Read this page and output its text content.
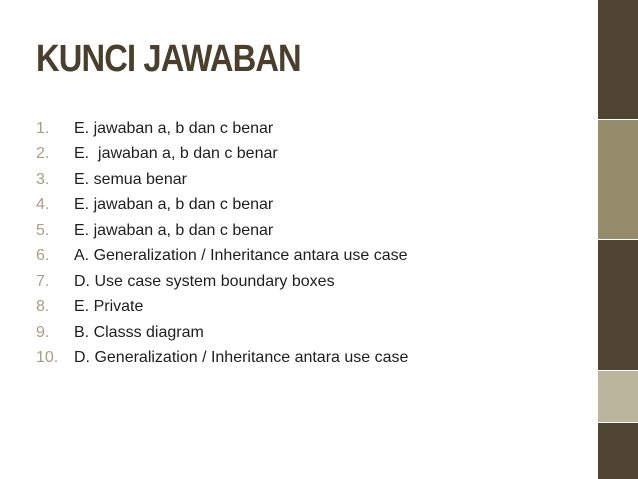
KUNCI JAWABAN
1.	E. jawaban a, b dan c benar
2.	E.  jawaban a, b dan c benar
3.	E. semua benar
4.	E. jawaban a, b dan c benar
5.	E. jawaban a, b dan c benar
6.	A. Generalization / Inheritance antara use case
7.	D. Use case system boundary boxes
8.	E. Private
9.	B. Classs diagram
10. D. Generalization / Inheritance antara use case
